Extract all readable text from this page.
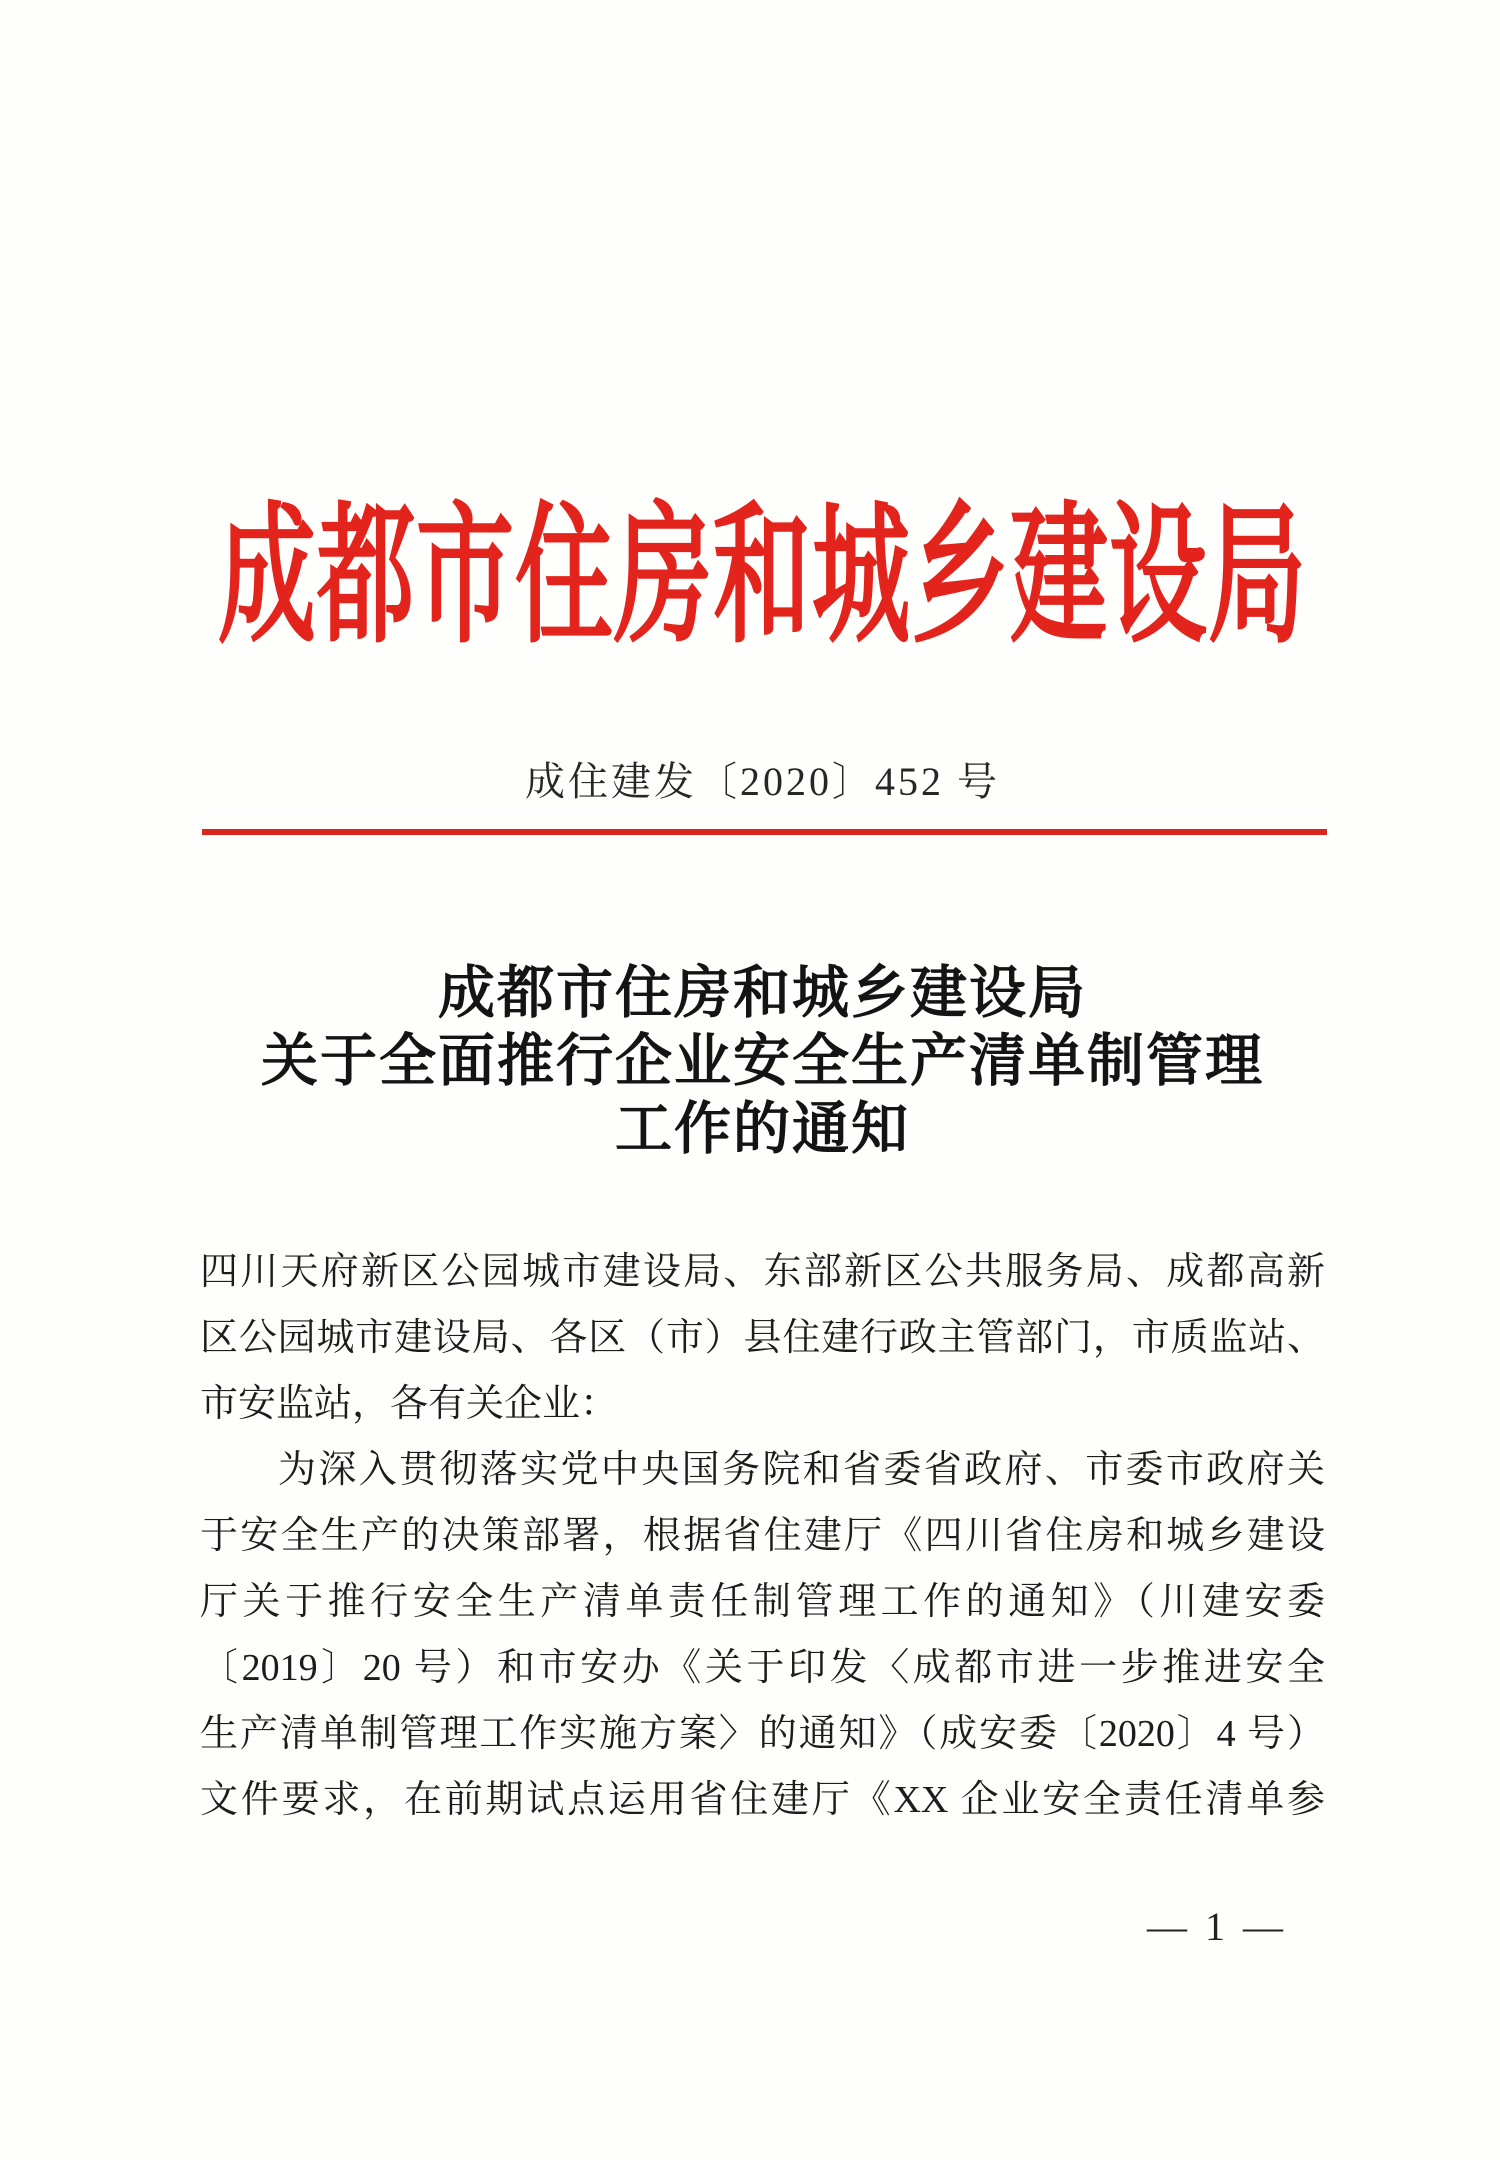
成都市住房和城乡建设局
成住建发〔2020〕452 号
成都市住房和城乡建设局
关于全面推行企业安全生产清单制管理
工作的通知
四川天府新区公园城市建设局、东部新区公共服务局、成都高新
区公园城市建设局、各区（市）县住建行政主管部门，市质监站、
市安监站，各有关企业：
为深入贯彻落实党中央国务院和省委省政府、市委市政府关
于安全生产的决策部署，根据省住建厅《四川省住房和城乡建设
厅关于推行安全生产清单责任制管理工作的通知》（川建安委
〔2019〕20 号）和市安办《关于印发〈成都市进一步推进安全
生产清单制管理工作实施方案〉的通知》（成安委〔2020〕4 号）
文件要求，在前期试点运用省住建厅《XX 企业安全责任清单参
— 1 —
